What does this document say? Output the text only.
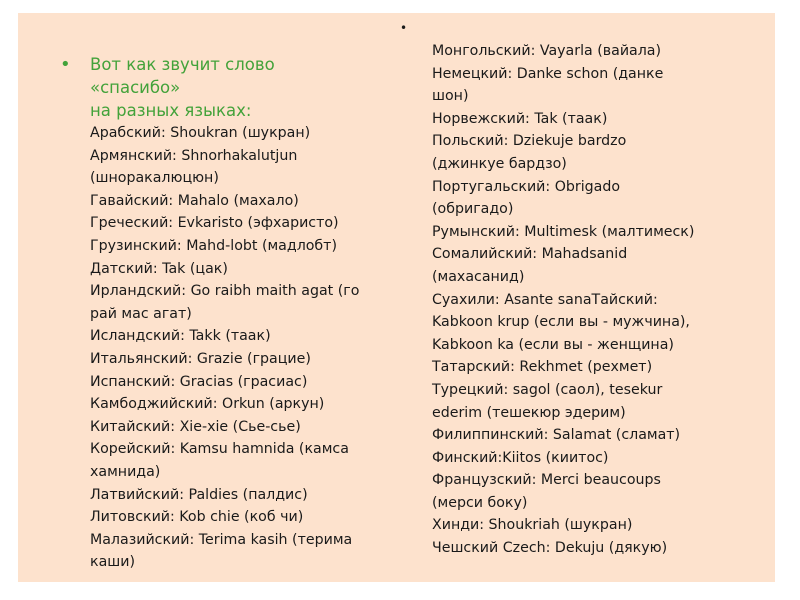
•
• Вот как звучит слово «спасибо»
на разных языках:
Арабский: Shoukran (шукран)
Армянский: Shnorhakalutjun
(шноракалюцюн)
Гавайский: Mahalo (махало)
Греческий: Evkaristo (эфхаристо)
Грузинский: Mahd-lobt (мадлобт)
Датский: Tak (цак)
Ирландский: Go raibh maith agat (го
рай мас агат)
Исландский: Takk (таак)
Итальянский: Grazie (грацие)
Испанский: Gracias (грасиас)
Камбоджийский: Orkun (аркун)
Китайский: Xie-xie (Сье-сье)
Корейский: Kamsu hamnida (камса
хамнида)
Латвийский: Paldies (палдис)
Литовский: Kob chie (коб чи)
Малазийский: Terima kasih (терима
каши)
Монгольский: Vayarla (вайала)
Немецкий: Danke schon (данке
шон)
Норвежский: Tak (таак)
Польский: Dziekuje bardzo
(джинкуе бардзо)
Португальский: Obrigado
(обригадо)
Румынский: Multimesk (малтимеск)
Сомалийский: Mahadsanid
(махасанид)
Суахили: Asante sanaТайский:
Kabkoon krup (если вы - мужчина),
Kabkoon ka (если вы - женщина)
Татарский: Rekhmet (рехмет)
Турецкий: sagol (саол), tesekur
ederim (тешекюр эдерим)
Филиппинский: Salamat (сламат)
Финский:Kiitos (киитос)
Французский: Merci beaucoups
(мерси боку)
Хинди: Shoukriah (шукран)
Чешский Czech: Dekuju (дякую)
